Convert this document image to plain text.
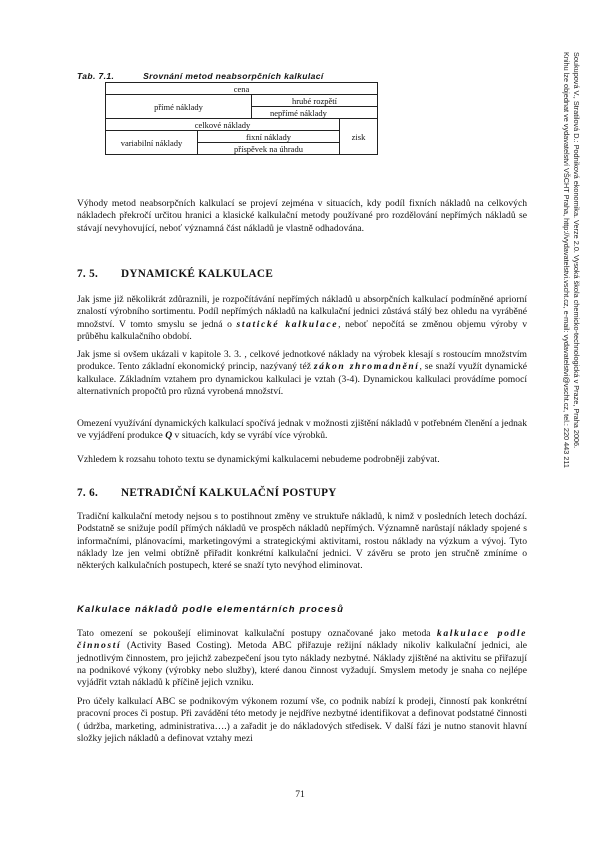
Tab. 7.1.	Srovnání metod neabsorpčních kalkulací
cena			
přímé náklady		hrubé rozpětí	
		nepřímé náklady	
celkové náklady			zisk
variabilní náklady	fixní náklady		
	příspěvek na úhradu		

Výhody metod neabsorpčních kalkulací se projeví zejména v situacích, kdy podíl fixních nákladů na celkových nákladech překročí určitou hranici a klasické kalkulační metody používané pro rozdělování nepřímých nákladů se stávají nevyhovující, neboť významná část nákladů je vlastně odhadována.

7. 5. DYNAMICKÉ KALKULACE

Jak jsme již několikrát zdůraznili, je rozpočítávání nepřímých nákladů u absorpčních kalkulací podmíněné apriorní znalostí výrobního sortimentu. Podíl nepřímých nákladů na kalkulační jednici zůstává stálý bez ohledu na vyráběné množství. V tomto smyslu se jedná o statické kalkulace, neboť nepočítá se změnou objemu výroby v průběhu kalkulačního období.

Jak jsme si ovšem ukázali v kapitole 3. 3. , celkové jednotkové náklady na výrobek klesají s rostoucím množstvím produkce. Tento základní ekonomický princip, nazývaný též zákon zhromadnění, se snaží využít dynamické kalkulace. Základním vztahem pro dynamickou kalkulaci je vztah (3-4). Dynamickou kalkulaci provádíme pomocí alternativních propočtů pro různá vyrobená množství.

Omezení využívání dynamických kalkulací spočívá jednak v možnosti zjištění nákladů v potřebném členění a jednak ve vyjádření produkce Q v situacích, kdy se vyrábí více výrobků.

Vzhledem k rozsahu tohoto textu se dynamickými kalkulacemi nebudeme podrobněji zabývat.

7. 6. NETRADIČNÍ KALKULAČNÍ POSTUPY

Tradiční kalkulační metody nejsou s to postihnout změny ve struktuře nákladů, k nimž v posledních letech dochází. Podstatně se snižuje podíl přímých nákladů ve prospěch nákladů nepřímých. Významně narůstají náklady spojené s informačními, plánovacími, marketingovými a strategickými aktivitami, rostou náklady na výzkum a vývoj. Tyto náklady lze jen velmi obtížně přiřadit konkrétní kalkulační jednici. V závěru se proto jen stručně zmíníme o některých kalkulačních postupech, které se snaží tyto nevýhod eliminovat.

Kalkulace nákladů podle elementárních procesů

Tato omezení se pokoušejí eliminovat kalkulační postupy označované jako metoda kalkulace podle činností (Activity Based Costing). Metoda ABC přiřazuje režijní náklady nikoliv kalkulační jednici, ale jednotlivým činnostem, pro jejichž zabezpečení jsou tyto náklady nezbytné. Náklady zjištěné na aktivitu se přiřazují na podnikové výkony (výrobky nebo služby), které danou činnost vyžadují. Smyslem metody je snaha co nejlépe vyjádřit vztah nákladů k příčině jejich vzniku.

Pro účely kalkulací ABC se podnikovým výkonem rozumí vše, co podnik nabízí k prodeji, činností pak konkrétní pracovní proces či postup. Při zavádění této metody je nejdříve nezbytné identifikovat a definovat podstatné činnosti ( údržba, marketing, administrativa….) a zařadit je do nákladových středisek. V další fázi je nutno stanovit hlavní složky jejich nákladů a definovat vztahy mezi

Soukupová V., Stratilová D.: Podniková ekonomika. Verze 2.0. Vysoká škola chemicko-technologická v Praze, Praha 2006.
Knihu lze objednat ve vydavatelství VŠCHT Praha, http://vydavatelstvi.vscht.cz, e-mail: vydavatelstvi@vscht.cz, tel.: 220 443 211
71
